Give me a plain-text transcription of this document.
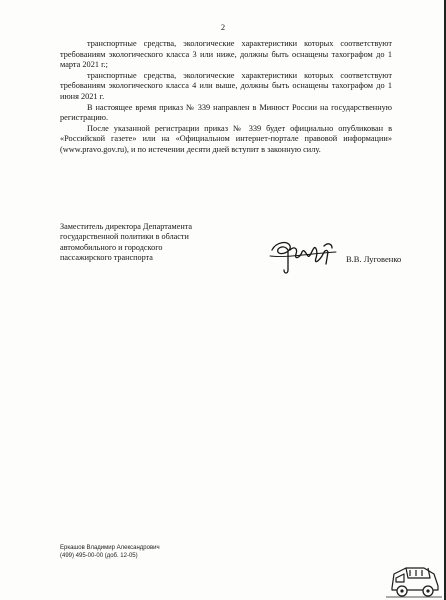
2

транспортные средства, экологические характеристики которых соответствуют требованиям экологического класса 3 или ниже, должны быть оснащены тахографом до 1 марта 2021 г.;

транспортные средства, экологические характеристики которых соответствуют требованиям экологического класса 4 или выше, должны быть оснащены тахографом до 1 июня 2021 г.

В настоящее время приказ № 339 направлен в Минюст России на государственную регистрацию.

После указанной регистрации приказ № 339 будет официально опубликован в «Российской газете» или на «Официальном интернет-портале правовой информации» (www.pravo.gov.ru), и по истечении десяти дней вступит в законную силу.

Заместитель директора Департамента
государственной политики в области
автомобильного и городского
пассажирского транспорта	В.В. Луговенко
Еркашов Владимир Александрович
(499) 495-00-00 (доб. 12-05)
